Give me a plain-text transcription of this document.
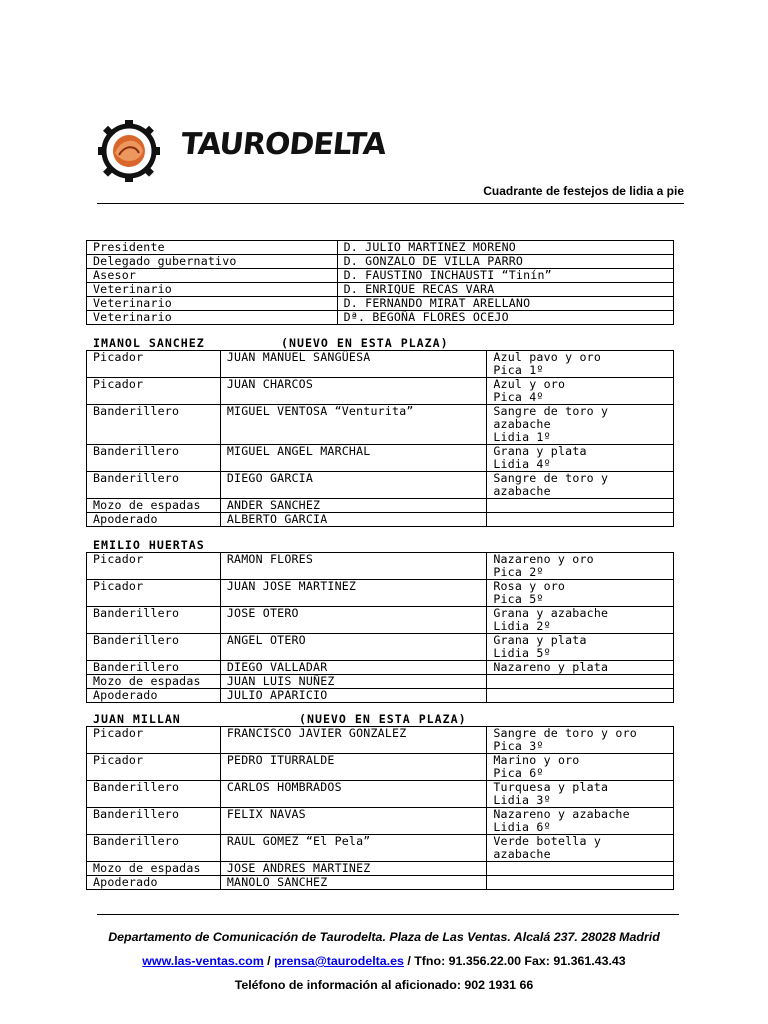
TAURODELTA
Cuadrante de festejos de lidia a pie
Presidente	D. JULIO MARTINEZ MORENO
Delegado gubernativo	D. GONZALO DE VILLA PARRO
Asesor	D. FAUSTINO INCHAUSTI “Tinín”
Veterinario	D. ENRIQUE RECAS VARA
Veterinario	D. FERNANDO MIRAT ARELLANO
Veterinario	Dª. BEGOÑA FLORES OCEJO
IMANOL SANCHEZ	(NUEVO EN ESTA PLAZA)
Picador	JUAN MANUEL SANGÜESA	Azul pavo y oro
Pica 1º

Picador	JUAN CHARCOS	Azul y oro
Pica 4º

Banderillero	MIGUEL VENTOSA “Venturita”	Sangre de toro y
azabache
Lidia 1º

Banderillero	MIGUEL ANGEL MARCHAL	Grana y plata
Lidia 4º

Banderillero	DIEGO GARCIA	Sangre de toro y
azabache

Mozo de espadas	ANDER SANCHEZ	

Apoderado	ALBERTO GARCIA	

EMILIO HUERTAS
Picador	RAMON FLORES	Nazareno y oro
Pica 2º

Picador	JUAN JOSE MARTINEZ	Rosa y oro
Pica 5º

Banderillero	JOSE OTERO	Grana y azabache
Lidia 2º

Banderillero	ANGEL OTERO	Grana y plata
Lidia 5º

Banderillero	DIEGO VALLADAR	Nazareno y plata

Mozo de espadas	JUAN LUIS NUÑEZ	

Apoderado	JULIO APARICIO	

JUAN MILLAN	(NUEVO EN ESTA PLAZA)
Picador	FRANCISCO JAVIER GONZALEZ	Sangre de toro y oro
Pica 3º

Picador	PEDRO ITURRALDE	Marino y oro
Pica 6º

Banderillero	CARLOS HOMBRADOS	Turquesa y plata
Lidia 3º

Banderillero	FELIX NAVAS	Nazareno y azabache
Lidia 6º

Banderillero	RAUL GOMEZ “El Pela”	Verde botella y
azabache

Mozo de espadas	JOSE ANDRES MARTINEZ	

Apoderado	MANOLO SANCHEZ	

Departamento de Comunicación de Taurodelta. Plaza de Las Ventas. Alcalá 237. 28028 Madrid
www.las-ventas.com / prensa@taurodelta.es / Tfno: 91.356.22.00 Fax: 91.361.43.43
Teléfono de información al aficionado: 902 1931 66
